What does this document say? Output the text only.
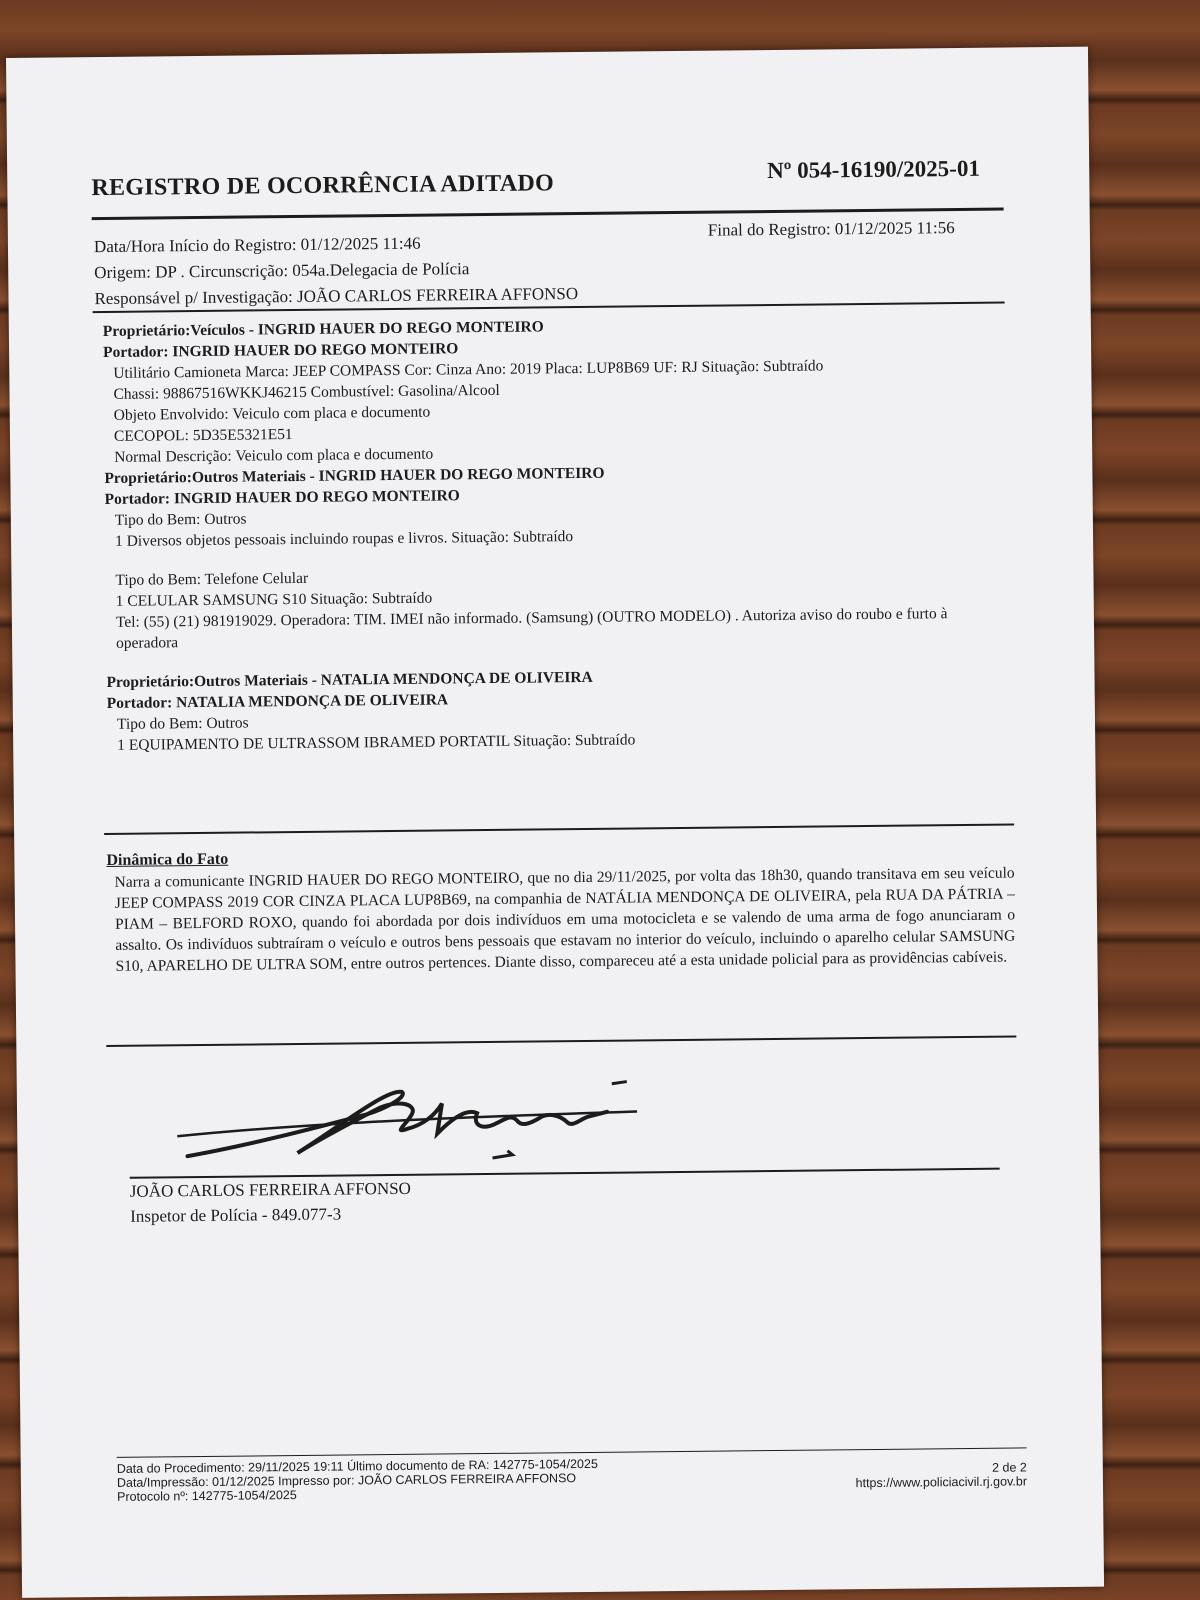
REGISTRO DE OCORRÊNCIA ADITADO
Nº 054-16190/2025-01
Data/Hora Início do Registro: 01/12/2025 11:46
Final do Registro: 01/12/2025 11:56
Origem: DP . Circunscrição: 054a.Delegacia de Polícia
Responsável p/ Investigação: JOÃO CARLOS FERREIRA AFFONSO
Proprietário:Veículos - INGRID HAUER DO REGO MONTEIRO
Portador: INGRID HAUER DO REGO MONTEIRO
Utilitário Camioneta Marca: JEEP COMPASS Cor: Cinza Ano: 2019 Placa: LUP8B69 UF: RJ Situação: Subtraído
Chassi: 98867516WKKJ46215 Combustível: Gasolina/Alcool
Objeto Envolvido: Veiculo com placa e documento
CECOPOL: 5D35E5321E51
Normal Descrição: Veiculo com placa e documento
Proprietário:Outros Materiais - INGRID HAUER DO REGO MONTEIRO
Portador: INGRID HAUER DO REGO MONTEIRO
Tipo do Bem: Outros
1 Diversos objetos pessoais incluindo roupas e livros. Situação: Subtraído
Tipo do Bem: Telefone Celular
1 CELULAR SAMSUNG S10 Situação: Subtraído
Tel: (55) (21) 981919029. Operadora: TIM. IMEI não informado. (Samsung) (OUTRO MODELO) . Autoriza aviso do roubo e furto à operadora
Proprietário:Outros Materiais - NATALIA MENDONÇA DE OLIVEIRA
Portador: NATALIA MENDONÇA DE OLIVEIRA
Tipo do Bem: Outros
1 EQUIPAMENTO DE ULTRASSOM IBRAMED PORTATIL Situação: Subtraído
Dinâmica do Fato
Narra a comunicante INGRID HAUER DO REGO MONTEIRO, que no dia 29/11/2025, por volta das 18h30, quando transitava em seu veículo JEEP COMPASS 2019 COR CINZA PLACA LUP8B69, na companhia de NATÁLIA MENDONÇA DE OLIVEIRA, pela RUA DA PÁTRIA – PIAM – BELFORD ROXO, quando foi abordada por dois indivíduos em uma motocicleta e se valendo de uma arma de fogo anunciaram o assalto. Os indivíduos subtraíram o veículo e outros bens pessoais que estavam no interior do veículo, incluindo o aparelho celular SAMSUNG S10, APARELHO DE ULTRA SOM, entre outros pertences. Diante disso, compareceu até a esta unidade policial para as providências cabíveis.
JOÃO CARLOS FERREIRA AFFONSO
Inspetor de Polícia - 849.077-3
Data do Procedimento: 29/11/2025 19:11 Último documento de RA: 142775-1054/2025
Data/Impressão: 01/12/2025 Impresso por: JOÃO CARLOS FERREIRA AFFONSO
Protocolo nº: 142775-1054/2025
2 de 2
https://www.policiacivil.rj.gov.br
